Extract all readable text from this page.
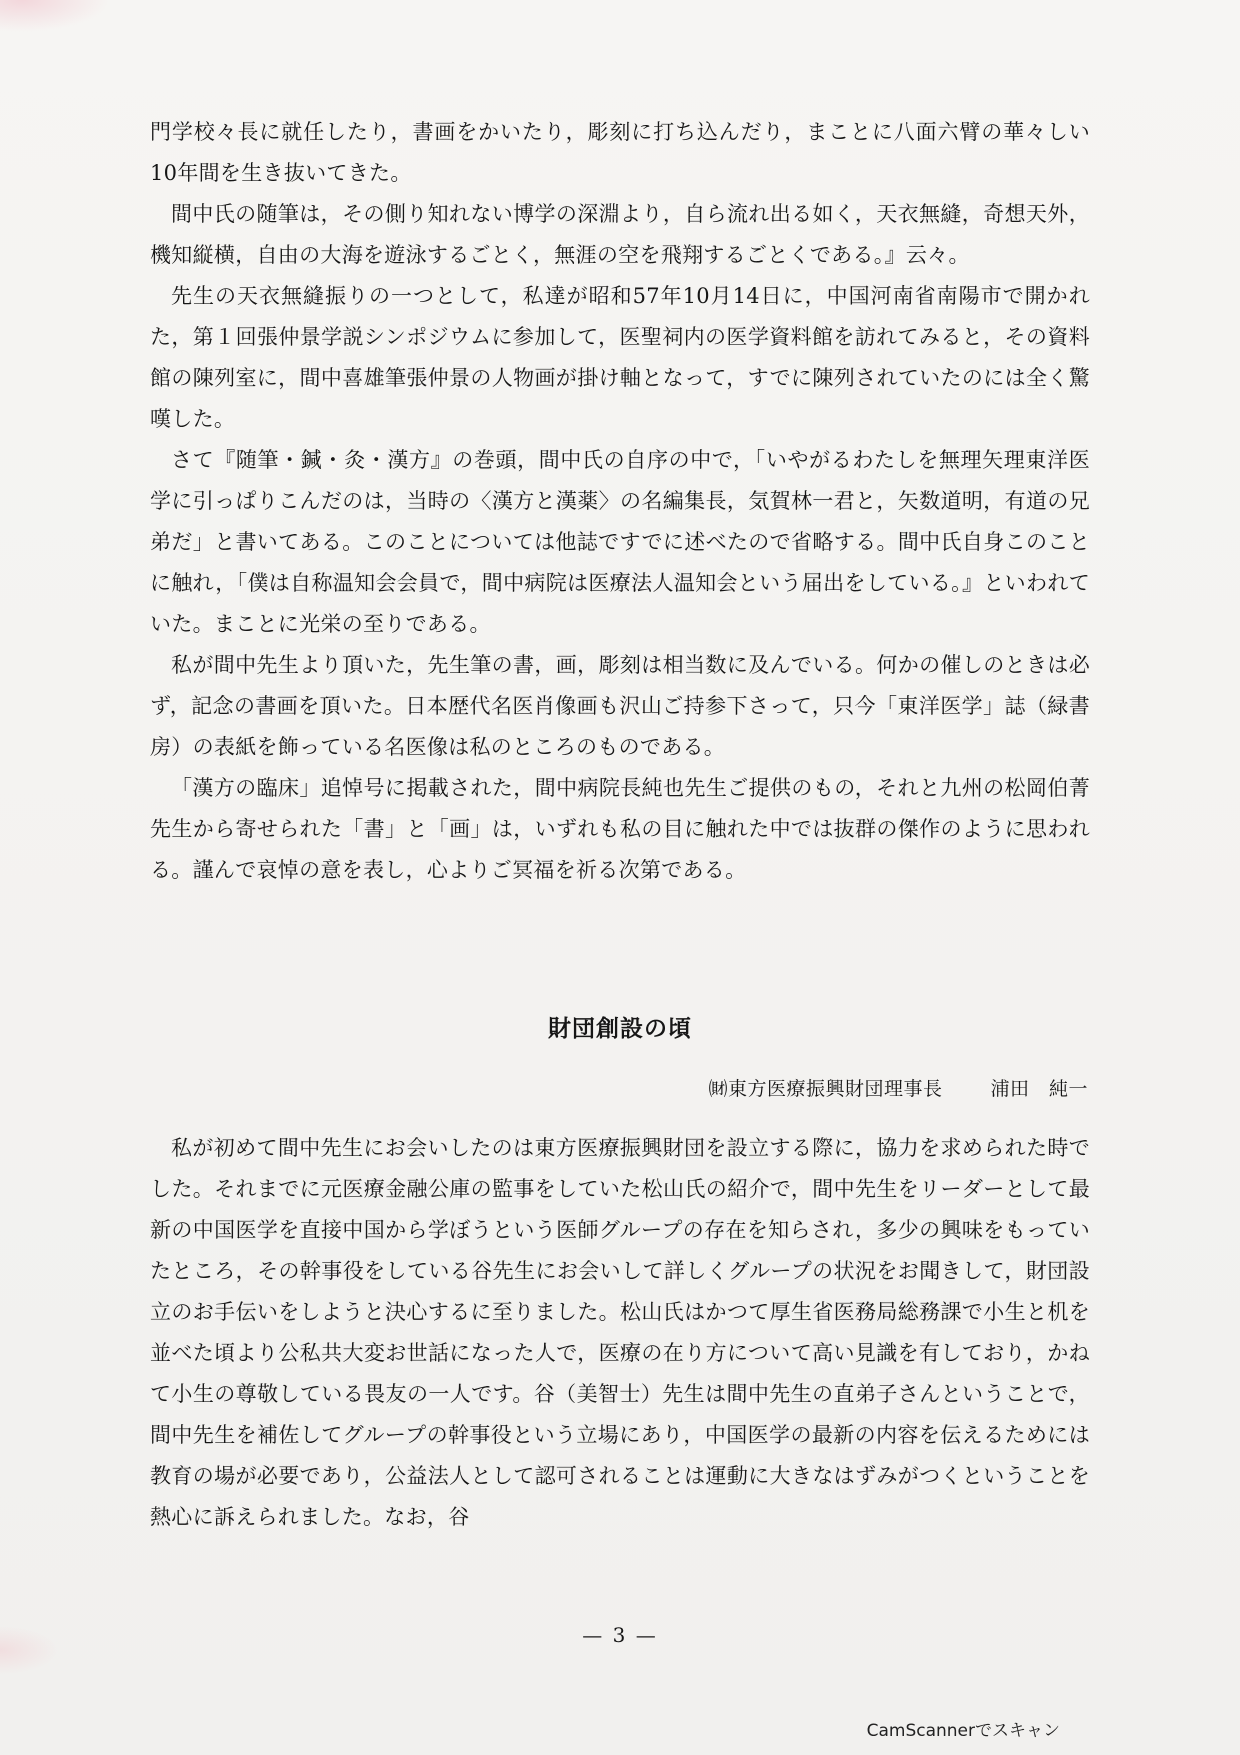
門学校々長に就任したり，書画をかいたり，彫刻に打ち込んだり，まことに八面六臂の華々しい10年間を生き抜いてきた。

間中氏の随筆は，その側り知れない博学の深淵より，自ら流れ出る如く，天衣無縫，奇想天外，機知縦横，自由の大海を遊泳するごとく，無涯の空を飛翔するごとくである。』云々。

先生の天衣無縫振りの一つとして，私達が昭和57年10月14日に，中国河南省南陽市で開かれた，第１回張仲景学説シンポジウムに参加して，医聖祠内の医学資料館を訪れてみると，その資料館の陳列室に，間中喜雄筆張仲景の人物画が掛け軸となって，すでに陳列されていたのには全く驚嘆した。

さて『随筆・鍼・灸・漢方』の巻頭，間中氏の自序の中で，「いやがるわたしを無理矢理東洋医学に引っぱりこんだのは，当時の〈漢方と漢薬〉の名編集長，気賀林一君と，矢数道明，有道の兄弟だ」と書いてある。このことについては他誌ですでに述べたので省略する。間中氏自身このことに触れ，「僕は自称温知会会員で，間中病院は医療法人温知会という届出をしている。』といわれていた。まことに光栄の至りである。

私が間中先生より頂いた，先生筆の書，画，彫刻は相当数に及んでいる。何かの催しのときは必ず，記念の書画を頂いた。日本歴代名医肖像画も沢山ご持参下さって，只今「東洋医学」誌（緑書房）の表紙を飾っている名医像は私のところのものである。

「漢方の臨床」追悼号に掲載された，間中病院長純也先生ご提供のもの，それと九州の松岡伯菁先生から寄せられた「書」と「画」は，いずれも私の目に触れた中では抜群の傑作のように思われる。謹んで哀悼の意を表し，心よりご冥福を祈る次第である。

財団創設の頃
㈶東方医療振興財団理事長	浦田　純一

私が初めて間中先生にお会いしたのは東方医療振興財団を設立する際に，協力を求められた時でした。それまでに元医療金融公庫の監事をしていた松山氏の紹介で，間中先生をリーダーとして最新の中国医学を直接中国から学ぼうという医師グループの存在を知らされ，多少の興味をもっていたところ，その幹事役をしている谷先生にお会いして詳しくグループの状況をお聞きして，財団設立のお手伝いをしようと決心するに至りました。松山氏はかつて厚生省医務局総務課で小生と机を並べた頃より公私共大変お世話になった人で，医療の在り方について高い見識を有しており，かねて小生の尊敬している畏友の一人です。谷（美智士）先生は間中先生の直弟子さんということで，間中先生を補佐してグループの幹事役という立場にあり，中国医学の最新の内容を伝えるためには教育の場が必要であり，公益法人として認可されることは運動に大きなはずみがつくということを熱心に訴えられました。なお，谷

— 3 —
CamScannerでスキャン
